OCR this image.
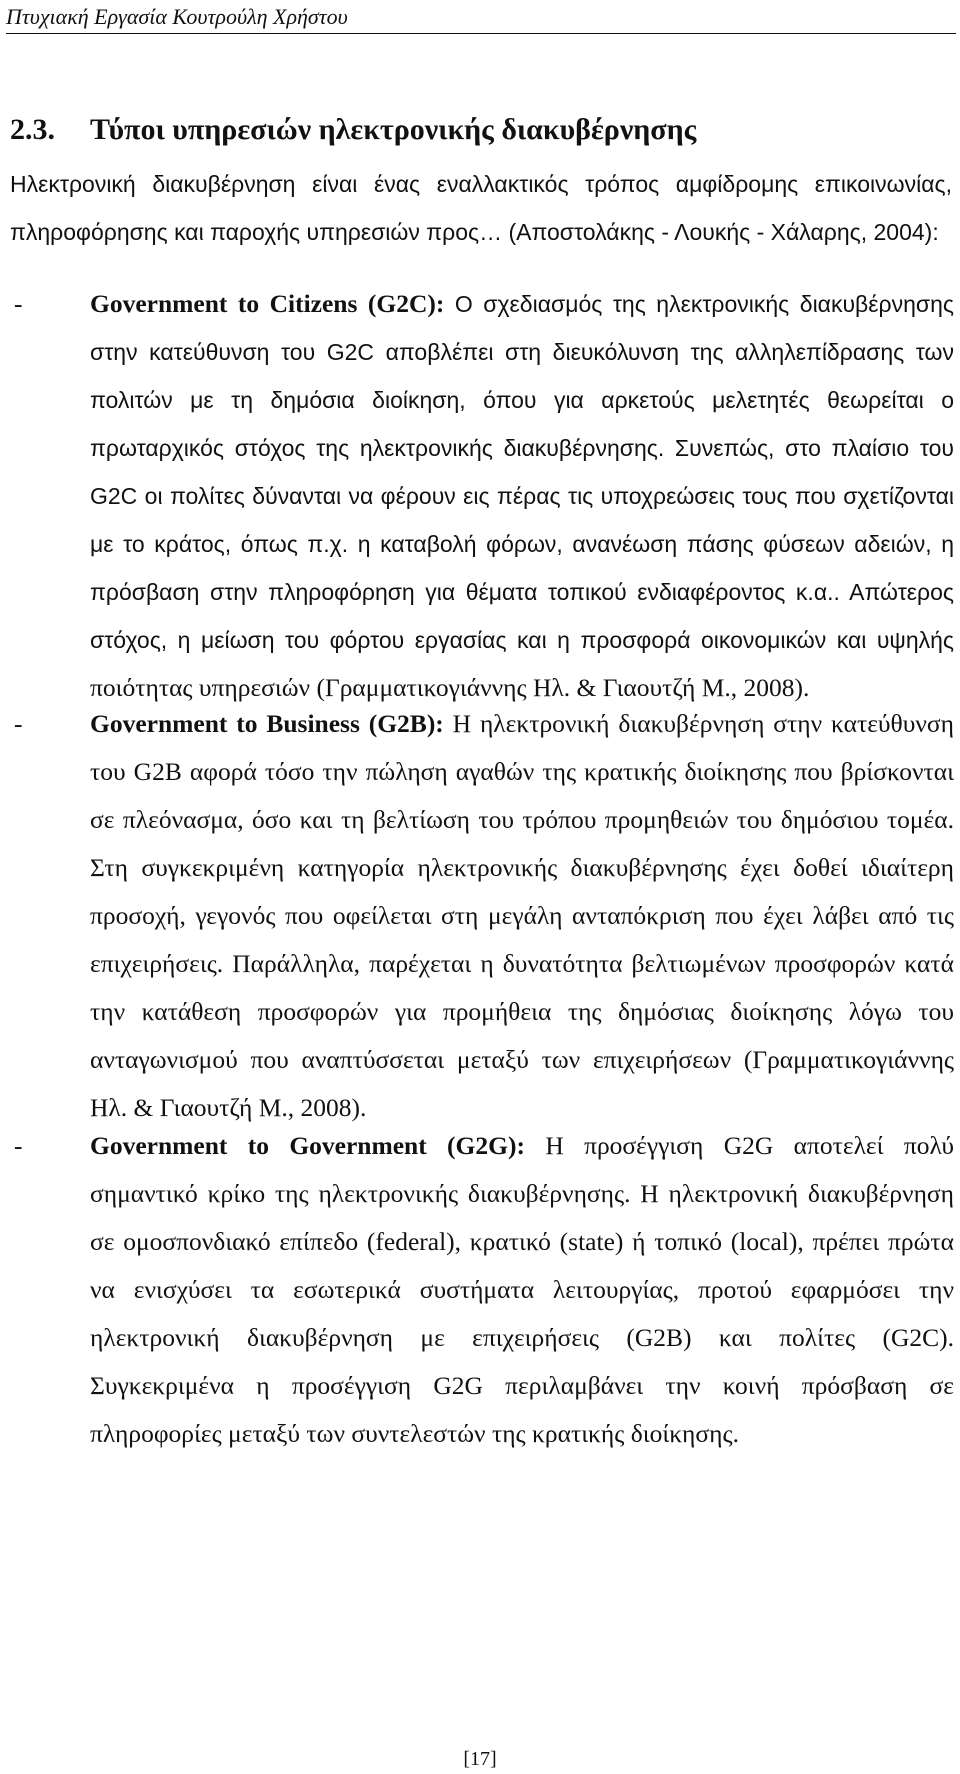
Πτυχιακή Εργασία Κουτρούλη Χρήστου
2.3. Τύποι υπηρεσιών ηλεκτρονικής διακυβέρνησης

Ηλεκτρονική διακυβέρνηση είναι ένας εναλλακτικός τρόπος αμφίδρομης επικοινωνίας, πληροφόρησης και παροχής υπηρεσιών προς… (Αποστολάκης - Λουκής - Χάλαρης, 2004):

-	Government to Citizens (G2C): Ο σχεδιασμός της ηλεκτρονικής διακυβέρνησης στην κατεύθυνση του G2C αποβλέπει στη διευκόλυνση της αλληλεπίδρασης των πολιτών με τη δημόσια διοίκηση, όπου για αρκετούς μελετητές θεωρείται ο πρωταρχικός στόχος της ηλεκτρονικής διακυβέρνησης. Συνεπώς, στο πλαίσιο του G2C οι πολίτες δύνανται να φέρουν εις πέρας τις υποχρεώσεις τους που σχετίζονται με το κράτος, όπως π.χ. η καταβολή φόρων, ανανέωση πάσης φύσεων αδειών, η πρόσβαση στην πληροφόρηση για θέματα τοπικού ενδιαφέροντος κ.α.. Απώτερος στόχος, η μείωση του φόρτου εργασίας και η προσφορά οικονομικών και υψηλής ποιότητας υπηρεσιών (Γραμματικογιάννης Ηλ. & Γιαουτζή Μ., 2008).
-	Government to Business (G2B): Η ηλεκτρονική διακυβέρνηση στην κατεύθυνση του G2B αφορά τόσο την πώληση αγαθών της κρατικής διοίκησης που βρίσκονται σε πλεόνασμα, όσο και τη βελτίωση του τρόπου προμηθειών του δημόσιου τομέα. Στη συγκεκριμένη κατηγορία ηλεκτρονικής διακυβέρνησης έχει δοθεί ιδιαίτερη προσοχή, γεγονός που οφείλεται στη μεγάλη ανταπόκριση που έχει λάβει από τις επιχειρήσεις. Παράλληλα, παρέχεται η δυνατότητα βελτιωμένων προσφορών κατά την κατάθεση προσφορών για προμήθεια της δημόσιας διοίκησης λόγω του ανταγωνισμού που αναπτύσσεται μεταξύ των επιχειρήσεων (Γραμματικογιάννης Ηλ. & Γιαουτζή Μ., 2008).
-	Government to Government (G2G): Η προσέγγιση G2G αποτελεί πολύ σημαντικό κρίκο της ηλεκτρονικής διακυβέρνησης. Η ηλεκτρονική διακυβέρνηση σε ομοσπονδιακό επίπεδο (federal), κρατικό (state) ή τοπικό (local), πρέπει πρώτα να ενισχύσει τα εσωτερικά συστήματα λειτουργίας, προτού εφαρμόσει την ηλεκτρονική διακυβέρνηση με επιχειρήσεις (G2B) και πολίτες (G2C). Συγκεκριμένα η προσέγγιση G2G περιλαμβάνει την κοινή πρόσβαση σε πληροφορίες μεταξύ των συντελεστών της κρατικής διοίκησης.
[17]
